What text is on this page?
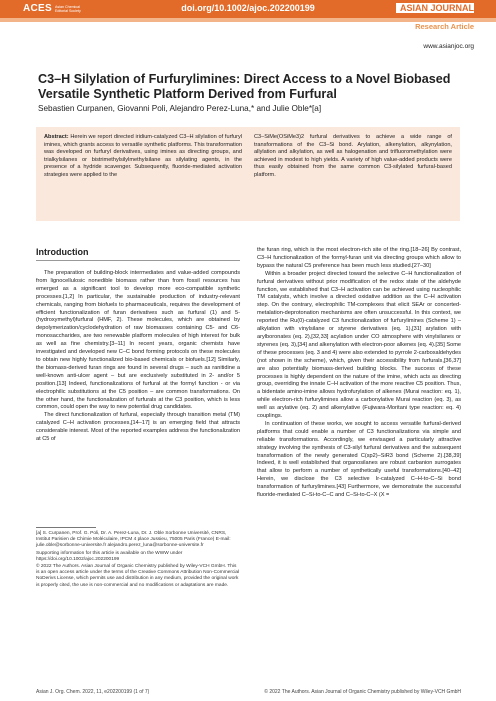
ACES Asian Chemical Editorial Society	doi.org/10.1002/ajoc.202200199	ASIAN JOURNAL
OF ORGANIC CHEMISTRY
Research Article
www.asianjoc.org
C3–H Silylation of Furfurylimines: Direct Access to a Novel Biobased Versatile Synthetic Platform Derived from Furfural
Sebastien Curpanen, Giovanni Poli, Alejandro Perez-Luna,* and Julie Oble*[a]

Abstract: Herein we report directed iridium-catalyzed C3–H silylation of furfuryl imines, which grants access to versatile synthetic platforms. This transformation was developed on furfuryl derivatives, using imines as directing groups, and trialkylsilanes or bistrimethylsilylmethylsilane as silylating agents, in the presence of a hydride scavenger. Subsequently, fluoride-mediated activation strategies were applied to the

C3–SiMe(OSiMe3)2 furfural derivatives to achieve a wide range of transformations of the C3–Si bond. Arylation, alkenylation, alkynylation, allylation and alkylation, as well as halogenation and trifluoromethylation were achieved in modest to high yields. A variety of high value-added products were thus easily obtained from the same common C3-silylated furfural-based platform.

Introduction

The preparation of building-block intermediates and value-added compounds from lignocellulosic nonedible biomass rather than from fossil resources has emerged as a significant tool to develop more eco-compatible synthetic processes.[1,2] In particular, the sustainable production of industry-relevant chemicals, ranging from biofuels to pharmaceuticals, requires the development of efficient functionalization of furan derivatives such as furfural (1) and 5-(hydroxymethyl)furfural (HMF, 2). These molecules, which are obtained by depolymerization/cyclodehydration of raw biomasses containing C5- and C6-monosaccharides, are two renewable platform molecules of high interest for bulk as well as fine chemistry.[3–11] In recent years, organic chemists have investigated and developed new C–C bond forming protocols on these molecules to obtain new highly functionalized bio-based chemicals or biofuels.[12] Similarly, the biomass-derived furan rings are found in several drugs – such as ranitidine a well-known anti-ulcer agent – but are exclusively substituted in 2- and/or 5 position.[13] Indeed, functionalizations of furfural at the formyl function - or via electrophilic substitutions at the C5 position – are common transformations. On the other hand, the functionalization of furfurals at the C3 position, which is less common, could open the way to new potential drug candidates.

The direct functionalization of furfural, especially through transition metal (TM) catalyzed C–H activation processes,[14–17] is an emerging field that attracts considerable interest. Most of the reported examples address the functionalization at C5 of

[a] S. Curpanen, Prof. G. Poli, Dr. A. Perez-Luna, Dr. J. Oble Sorbonne Université, CNRS, Institut Parisien de Chimie Moléculaire, IPCM 4 place Jussieu, 75005 Paris (France) E-mail: julie.oble@sorbonne-universite.fr alejandro.perez_luna@sorbonne-universite.fr
Supporting information for this article is available on the WWW under https://doi.org/10.1002/ajoc.202200199
© 2022 The Authors. Asian Journal of Organic Chemistry published by Wiley-VCH GmbH. This is an open access article under the terms of the Creative Commons Attribution Non-Commercial NoDerivs License, which permits use and distribution in any medium, provided the original work is properly cited, the use is non-commercial and no modifications or adaptations are made.

the furan ring, which is the most electron-rich site of the ring.[18–26] By contrast, C3–H functionalization of the formyl-furan unit via directing groups which allow to bypass the natural C5 preference has been much less studied.[27–30]

Within a broader project directed toward the selective C–H functionalization of furfural derivatives without prior modification of the redox state of the aldehyde function, we established that C3–H activation can be achieved using nucleophilic TM catalysts, which involve a directed oxidative addition as the C–H activation step. On the contrary, electrophilic TM-complexes that elicit SEAr or concerted-metalation-deprotonation mechanisms are often unsuccessful. In this context, we reported the Ru(0)-catalyzed C3 functionalization of furfurylimines (Scheme 1) – alkylation with vinylsilane or styrene derivatives (eq. 1),[31] arylation with arylboronates (eq. 2),[32,33] acylation under CO atmosphere with vinylsilanes or styrenes (eq. 3),[34] and alkenylation with electron-poor alkenes (eq. 4).[35] Some of these processes (eq. 3 and 4) were also extended to pyrrole 2-carboxaldehydes (not shown in the scheme), which, given their accessibility from furfurals,[36,37] are also potentially biomass-derived building blocks. The success of these processes is highly dependent on the nature of the imine, which acts as directing group, overriding the innate C–H activation of the more reactive C5 position. Thus, a bidentate amino-imine allows hydrofurylation of alkenes (Murai reaction: eq. 1), while electron-rich furfurylimines allow a carbonylative Murai reaction (eq. 3), as well as arylative (eq. 2) and alkenylative (Fujiwara-Moritani type reaction: eq. 4) couplings.

In continuation of these works, we sought to access versatile furfural-derived platforms that could enable a number of C3 functionalizations via simple and reliable transformations. Accordingly, we envisaged a particularly attractive strategy involving the synthesis of C3-silyl furfural derivatives and the subsequent transformation of the newly generated C(sp2)–SiR3 bond (Scheme 2).[38,39] Indeed, it is well established that organosilanes are robust carbanion surrogates that allow to perform a number of synthetically useful transformations.[40–42] Herein, we disclose the C3 selective Ir-catalyzed C–H-to-C–Si bond transformation of furfurylimines.[43] Furthermore, we demonstrate the successful fluoride-mediated C–Si-to-C–C and C–Si-to-C–X (X =

Asian J. Org. Chem. 2022, 11, e202200199 (1 of 7)	© 2022 The Authors. Asian Journal of Organic Chemistry published by Wiley-VCH GmbH
